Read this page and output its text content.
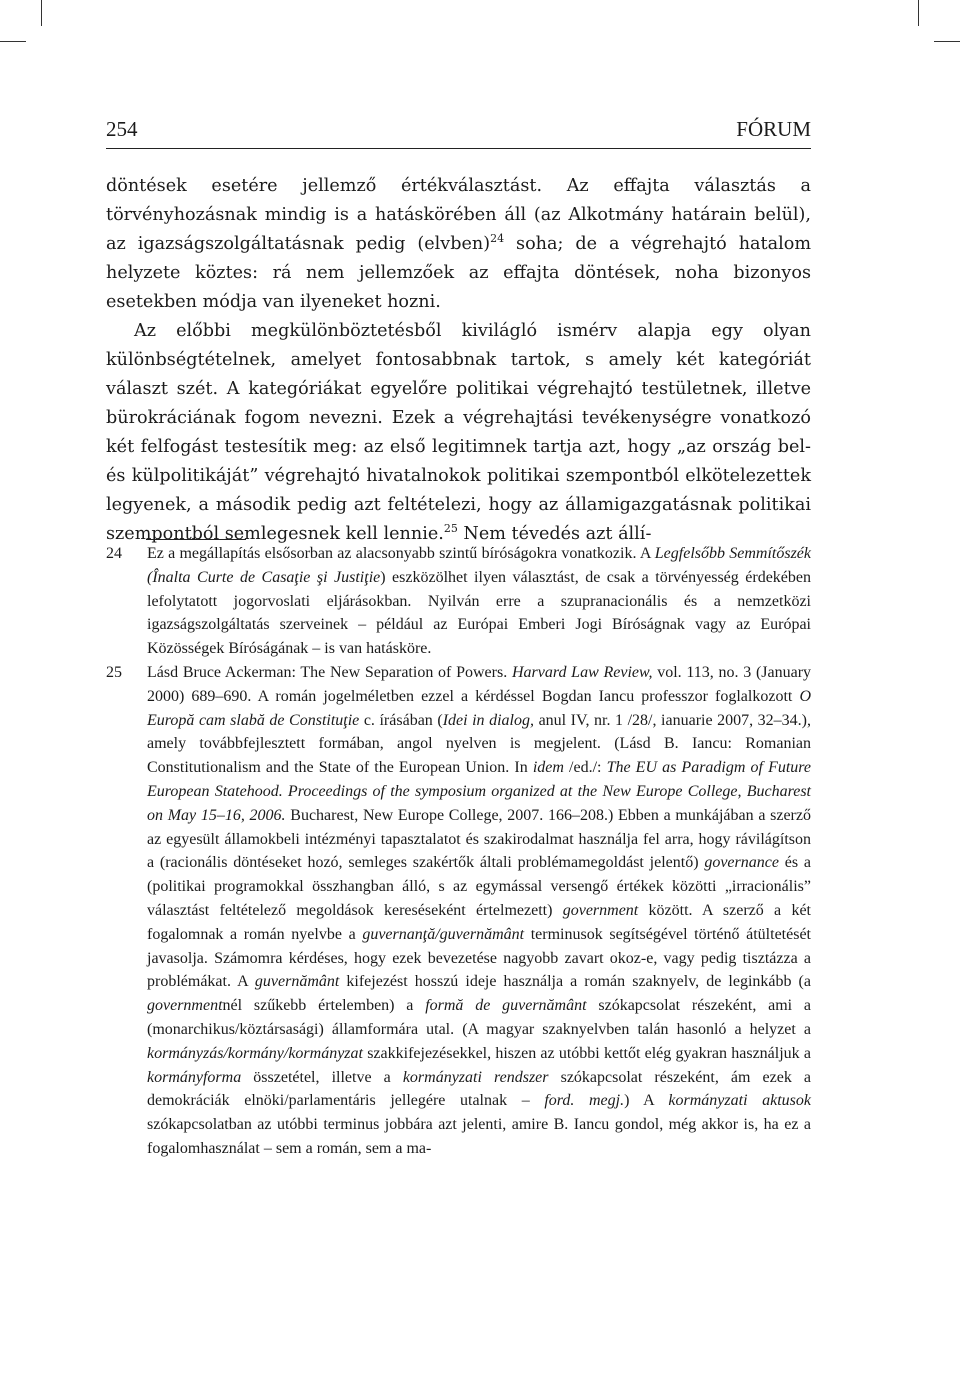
254	FÓRUM

döntések esetére jellemző értékválasztást. Az effajta választás a törvényhozásnak mindig is a hatáskörében áll (az Alkotmány határain belül), az igazságszolgáltatásnak pedig (elvben)$^{24}$ soha; de a végrehajtó hatalom helyzete köztes: rá nem jellemzőek az effajta döntések, noha bizonyos esetekben módja van ilyeneket hozni.

Az előbbi megkülönböztetésből kivilágló ismérv alapja egy olyan különbségtételnek, amelyet fontosabbnak tartok, s amely két kategóriát választ szét. A kategóriákat egyelőre politikai végrehajtó testületnek, illetve bürokráciának fogom nevezni. Ezek a végrehajtási tevékenységre vonatkozó két felfogást testesítik meg: az első legitimnek tartja azt, hogy „az ország bel- és külpolitikáját” végrehajtó hivatalnokok politikai szempontból elkötelezettek legyenek, a második pedig azt feltételezi, hogy az államigazgatásnak politikai szempontból semlegesnek kell lennie.$^{25}$ Nem tévedés azt állí-

24	Ez a megállapítás elsősorban az alacsonyabb szintű bíróságokra vonatkozik. A Legfelsőbb Semmítőszék (Înalta Curte de Casaţie şi Justiţie) eszközölhet ilyen választást, de csak a törvényesség érdekében lefolytatott jogorvoslati eljárásokban. Nyilván erre a szupranacionális és a nemzetközi igazságszolgáltatás szerveinek – például az Európai Emberi Jogi Bíróságnak vagy az Európai Közösségek Bíróságának – is van hatásköre.
25	Lásd Bruce Ackerman: The New Separation of Powers. Harvard Law Review, vol. 113, no. 3 (January 2000) 689–690. A román jogelméletben ezzel a kérdéssel Bogdan Iancu professzor foglalkozott O Europă cam slabă de Constituţie c. írásában (Idei in dialog, anul IV, nr. 1 /28/, ianuarie 2007, 32–34.), amely továbbfejlesztett formában, angol nyelven is megjelent. (Lásd B. Iancu: Romanian Constitutionalism and the State of the European Union. In idem /ed./: The EU as Paradigm of Future European Statehood. Proceedings of the symposium organized at the New Europe College, Bucharest on May 15–16, 2006. Bucharest, New Europe College, 2007. 166–208.) Ebben a munkájában a szerző az egyesült államokbeli intézményi tapasztalatot és szakirodalmat használja fel arra, hogy rávilágítson a (racionális döntéseket hozó, semleges szakértők általi problémamegoldást jelentő) governance és a (politikai programokkal összhangban álló, s az egymással versengő értékek közötti „irracionális” választást feltételező megoldások kereséseként értelmezett) government között. A szerző a két fogalomnak a román nyelvbe a guvernanţă/guvernământ terminusok segítségével történő átültetését javasolja. Számomra kérdéses, hogy ezek bevezetése nagyobb zavart okoz-e, vagy pedig tisztázza a problémákat. A guvernământ kifejezést hosszú ideje használja a román szaknyelv, de leginkább (a governmentnél szűkebb értelemben) a formă de guvernământ szókapcsolat részeként, ami a (monarchikus/köztársasági) államformára utal. (A magyar szaknyelvben talán hasonló a helyzet a kormányzás/kormány/kormányzat szakkifejezésekkel, hiszen az utóbbi kettőt elég gyakran használjuk a kormányforma összetétel, illetve a kormányzati rendszer szókapcsolat részeként, ám ezek a demokráciák elnöki/parlamentáris jellegére utalnak – ford. megj.) A kormányzati aktusok szókapcsolatban az utóbbi terminus jobbára azt jelenti, amire B. Iancu gondol, még akkor is, ha ez a fogalomhasználat – sem a román, sem a ma-
